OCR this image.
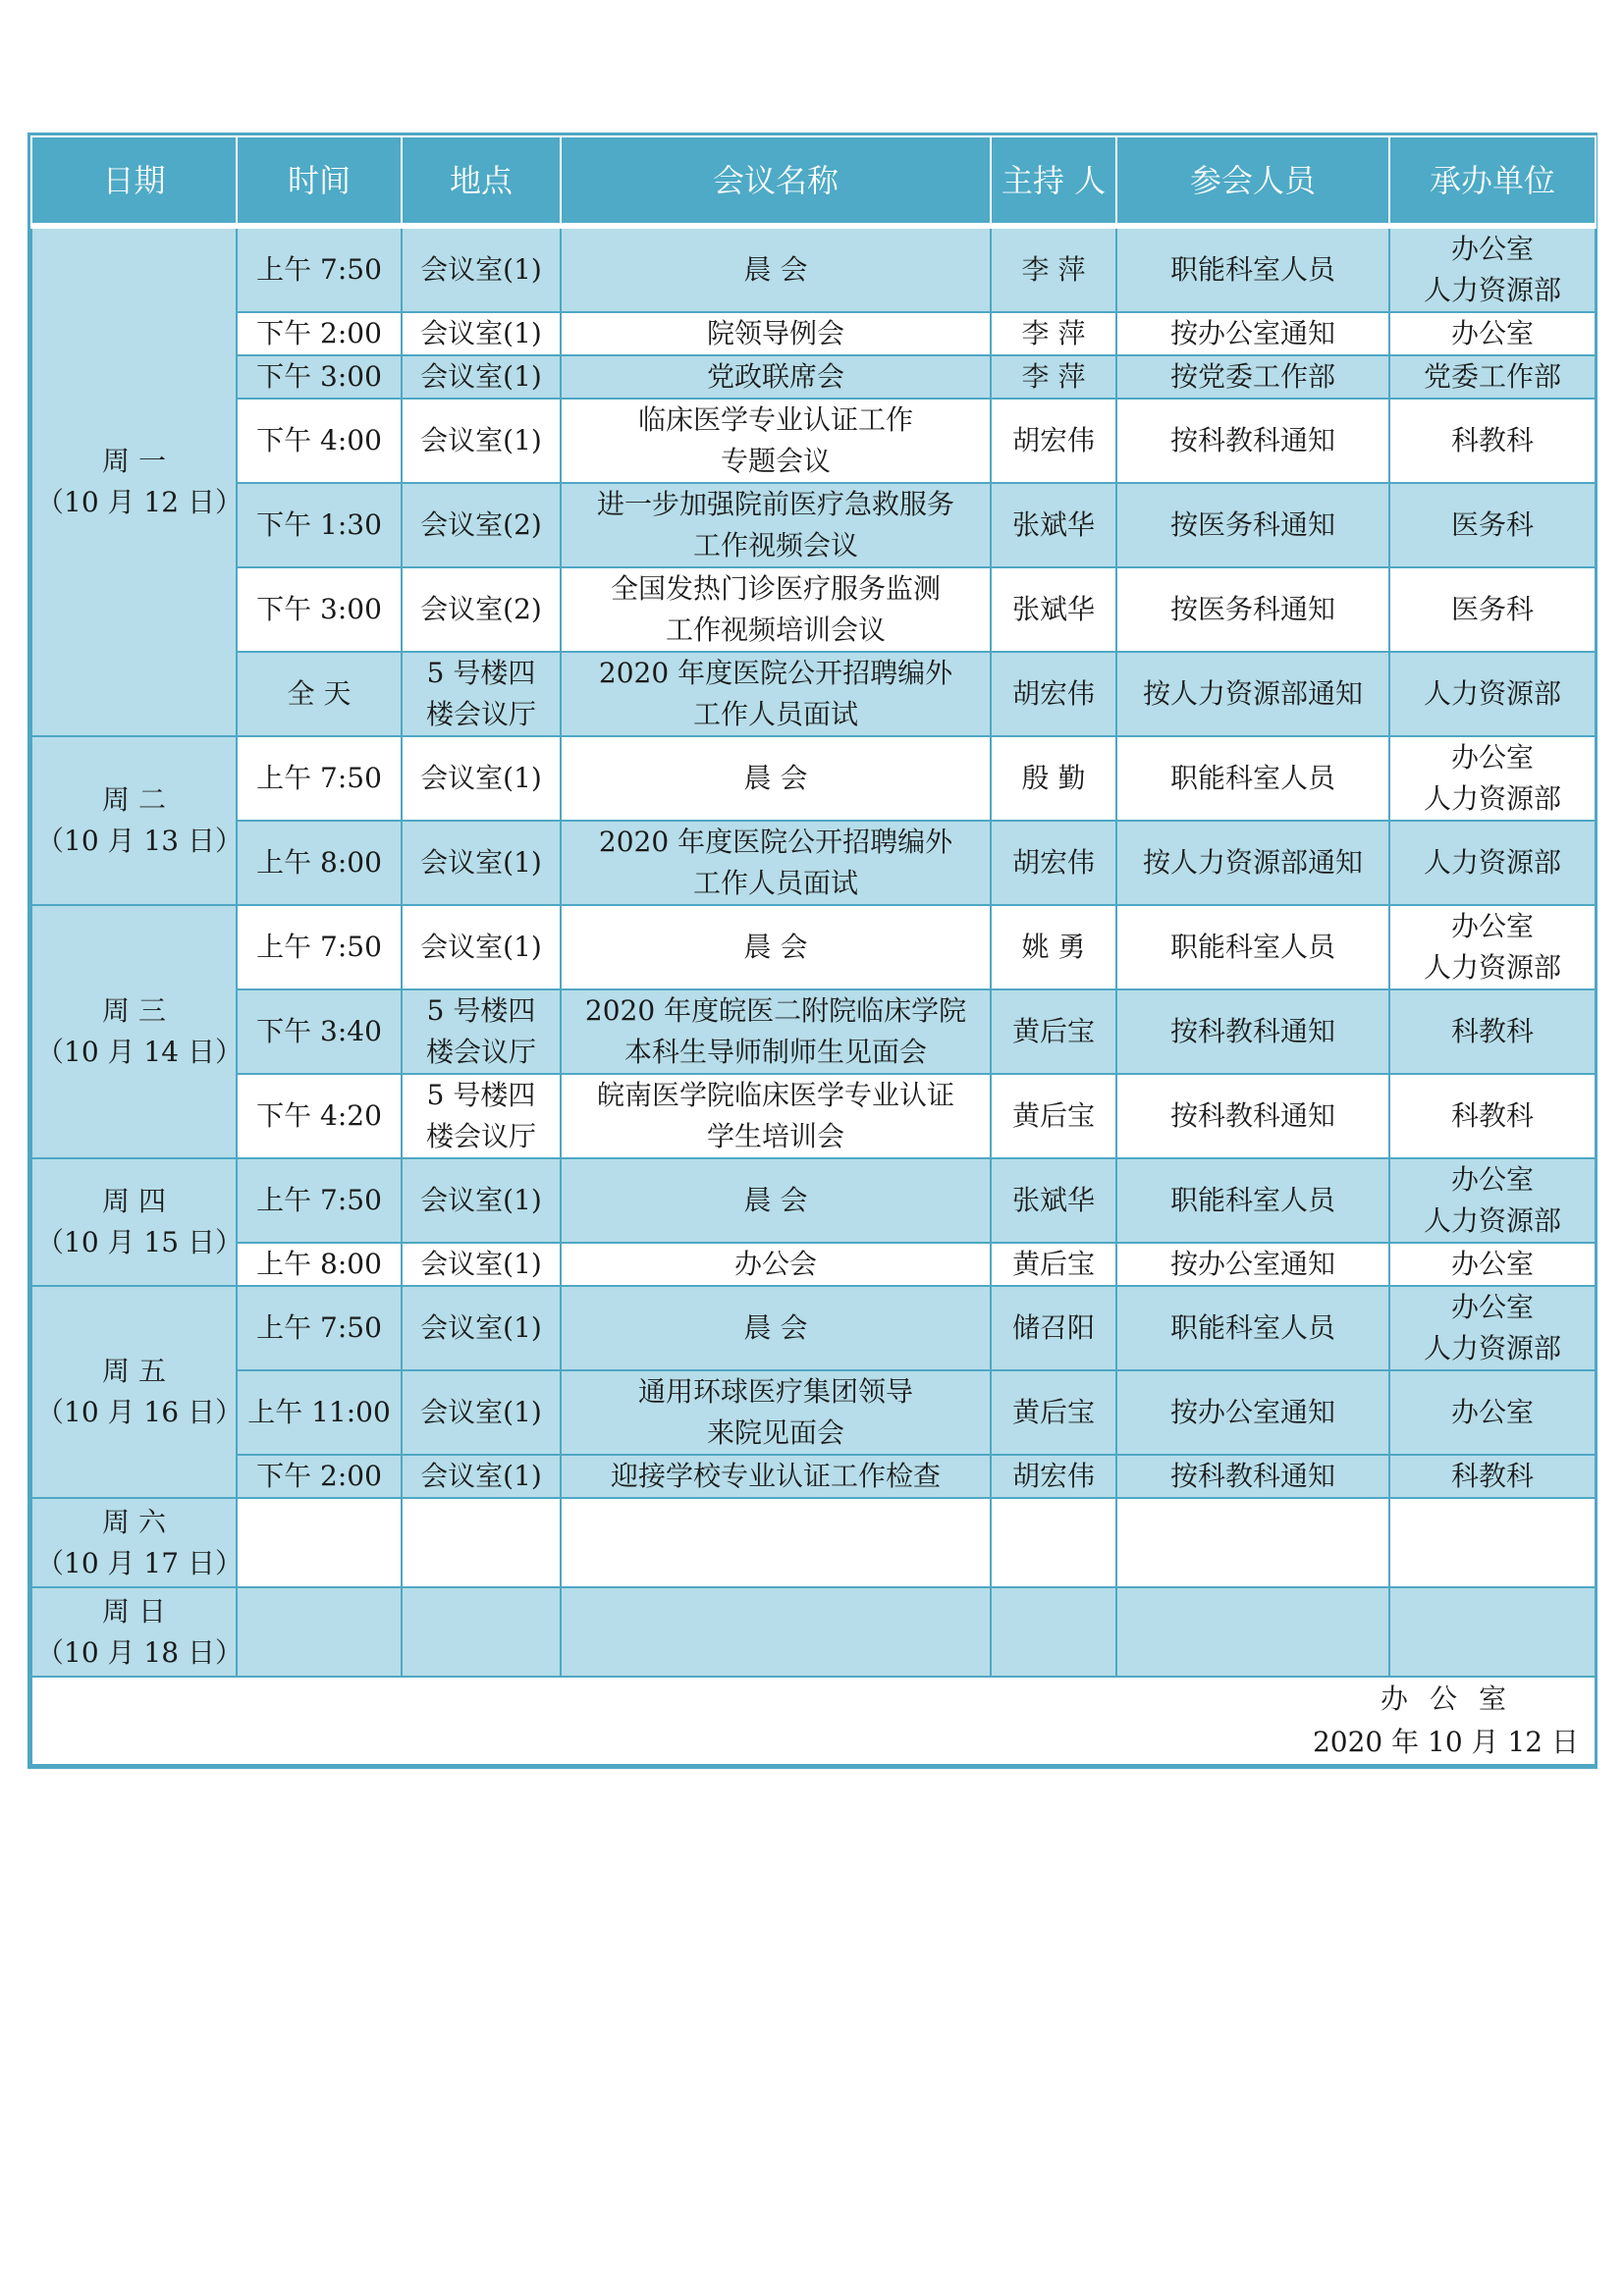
日期	时间	地点	会议名称	主持 人	参会人员	承办单位
周 一
（10 月 12 日）	上午 7:50	会议室(1)	晨 会	李 萍	职能科室人员	办公室
人力资源部
	下午 2:00	会议室(1)	院领导例会	李 萍	按办公室通知	办公室
	下午 3:00	会议室(1)	党政联席会	李 萍	按党委工作部	党委工作部
	下午 4:00	会议室(1)	临床医学专业认证工作
专题会议	胡宏伟	按科教科通知	科教科
	下午 1:30	会议室(2)	进一步加强院前医疗急救服务
工作视频会议	张斌华	按医务科通知	医务科
	下午 3:00	会议室(2)	全国发热门诊医疗服务监测
工作视频培训会议	张斌华	按医务科通知	医务科
	全 天	5 号楼四
楼会议厅	2020 年度医院公开招聘编外
工作人员面试	胡宏伟	按人力资源部通知	人力资源部
周 二
（10 月 13 日）	上午 7:50	会议室(1)	晨 会	殷 勤	职能科室人员	办公室
人力资源部
	上午 8:00	会议室(1)	2020 年度医院公开招聘编外
工作人员面试	胡宏伟	按人力资源部通知	人力资源部
周 三
（10 月 14 日）	上午 7:50	会议室(1)	晨 会	姚 勇	职能科室人员	办公室
人力资源部
	下午 3:40	5 号楼四
楼会议厅	2020 年度皖医二附院临床学院
本科生导师制师生见面会	黄后宝	按科教科通知	科教科
	下午 4:20	5 号楼四
楼会议厅	皖南医学院临床医学专业认证
学生培训会	黄后宝	按科教科通知	科教科
周 四
（10 月 15 日）	上午 7:50	会议室(1)	晨 会	张斌华	职能科室人员	办公室
人力资源部
	上午 8:00	会议室(1)	办公会	黄后宝	按办公室通知	办公室
周 五
（10 月 16 日）	上午 7:50	会议室(1)	晨 会	储召阳	职能科室人员	办公室
人力资源部
	上午 11:00	会议室(1)	通用环球医疗集团领导
来院见面会	黄后宝	按办公室通知	办公室
	下午 2:00	会议室(1)	迎接学校专业认证工作检查	胡宏伟	按科教科通知	科教科
周 六
（10 月 17 日）						
周 日
（10 月 18 日）						

办公室
2020 年 10 月 12 日						
